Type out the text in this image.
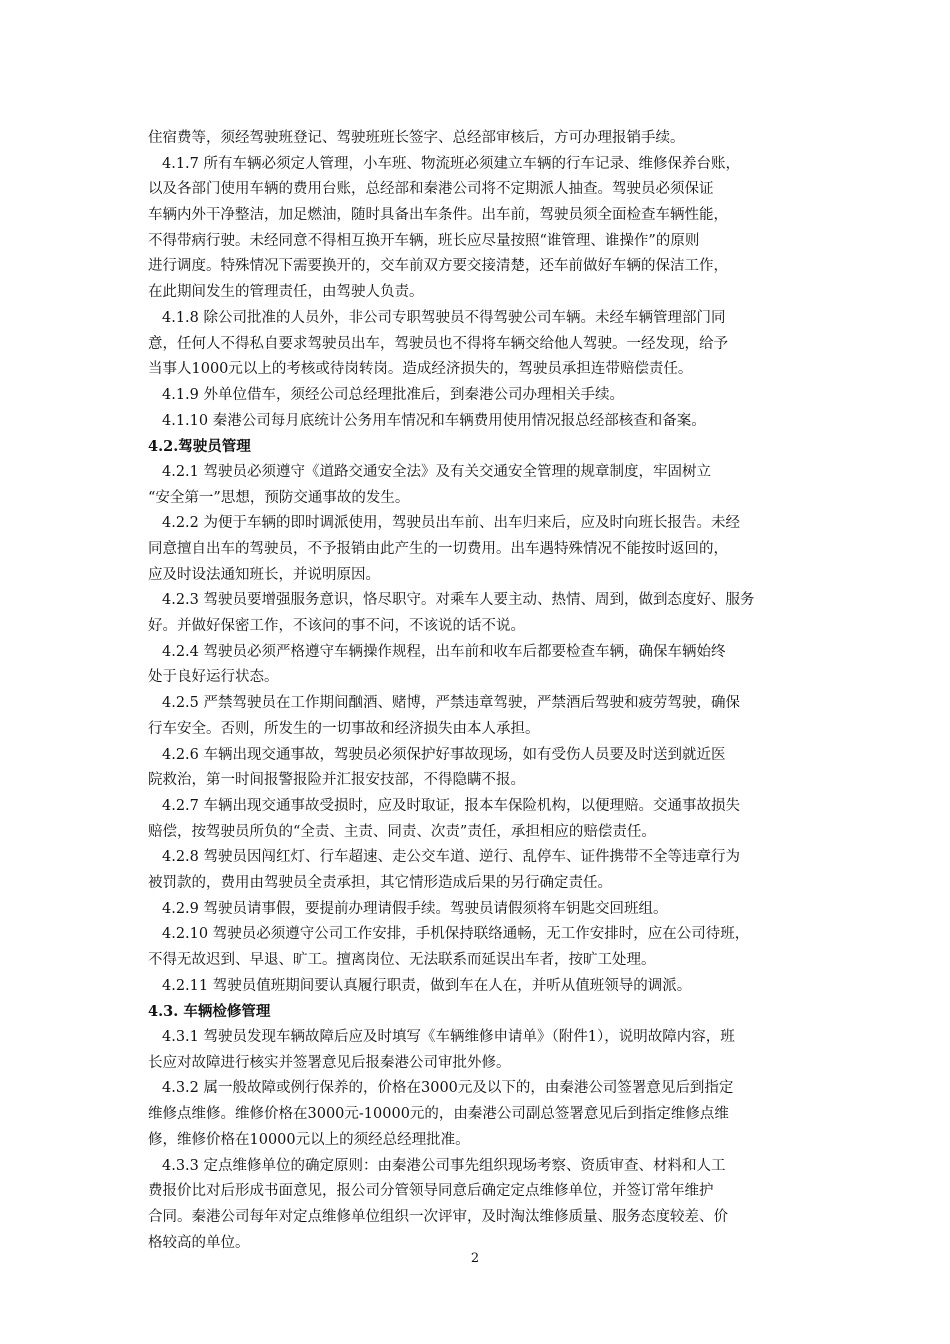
住宿费等，须经驾驶班登记、驾驶班班长签字、总经部审核后，方可办理报销手续。
4.1.7 所有车辆必须定人管理，小车班、物流班必须建立车辆的行车记录、维修保养台账，
以及各部门使用车辆的费用台账，总经部和秦港公司将不定期派人抽查。驾驶员必须保证
车辆内外干净整洁，加足燃油，随时具备出车条件。出车前，驾驶员须全面检查车辆性能，
不得带病行驶。未经同意不得相互换开车辆，班长应尽量按照“谁管理、谁操作”的原则
进行调度。特殊情况下需要换开的，交车前双方要交接清楚，还车前做好车辆的保洁工作，
在此期间发生的管理责任，由驾驶人负责。
4.1.8 除公司批准的人员外，非公司专职驾驶员不得驾驶公司车辆。未经车辆管理部门同
意，任何人不得私自要求驾驶员出车，驾驶员也不得将车辆交给他人驾驶。一经发现，给予
当事人1000元以上的考核或待岗转岗。造成经济损失的，驾驶员承担连带赔偿责任。
4.1.9 外单位借车，须经公司总经理批准后，到秦港公司办理相关手续。
4.1.10 秦港公司每月底统计公务用车情况和车辆费用使用情况报总经部核查和备案。
4.2.驾驶员管理
4.2.1 驾驶员必须遵守《道路交通安全法》及有关交通安全管理的规章制度，牢固树立
“安全第一”思想，预防交通事故的发生。
4.2.2 为便于车辆的即时调派使用，驾驶员出车前、出车归来后，应及时向班长报告。未经
同意擅自出车的驾驶员，不予报销由此产生的一切费用。出车遇特殊情况不能按时返回的，
应及时设法通知班长，并说明原因。
4.2.3 驾驶员要增强服务意识，恪尽职守。对乘车人要主动、热情、周到，做到态度好、服务
好。并做好保密工作，不该问的事不问，不该说的话不说。
4.2.4 驾驶员必须严格遵守车辆操作规程，出车前和收车后都要检查车辆，确保车辆始终
处于良好运行状态。
4.2.5 严禁驾驶员在工作期间酗酒、赌博，严禁违章驾驶，严禁酒后驾驶和疲劳驾驶，确保
行车安全。否则，所发生的一切事故和经济损失由本人承担。
4.2.6 车辆出现交通事故，驾驶员必须保护好事故现场，如有受伤人员要及时送到就近医
院救治，第一时间报警报险并汇报安技部，不得隐瞒不报。
4.2.7 车辆出现交通事故受损时，应及时取证，报本车保险机构，以便理赔。交通事故损失
赔偿，按驾驶员所负的“全责、主责、同责、次责”责任，承担相应的赔偿责任。
4.2.8 驾驶员因闯红灯、行车超速、走公交车道、逆行、乱停车、证件携带不全等违章行为
被罚款的，费用由驾驶员全责承担，其它情形造成后果的另行确定责任。
4.2.9 驾驶员请事假，要提前办理请假手续。驾驶员请假须将车钥匙交回班组。
4.2.10 驾驶员必须遵守公司工作安排，手机保持联络通畅，无工作安排时，应在公司待班，
不得无故迟到、早退、旷工。擅离岗位、无法联系而延误出车者，按旷工处理。
4.2.11 驾驶员值班期间要认真履行职责，做到车在人在，并听从值班领导的调派。
4.3. 车辆检修管理
4.3.1 驾驶员发现车辆故障后应及时填写《车辆维修申请单》（附件1），说明故障内容，班
长应对故障进行核实并签署意见后报秦港公司审批外修。
4.3.2 属一般故障或例行保养的，价格在3000元及以下的，由秦港公司签署意见后到指定
维修点维修。维修价格在3000元-10000元的，由秦港公司副总签署意见后到指定维修点维
修，维修价格在10000元以上的须经总经理批准。
4.3.3 定点维修单位的确定原则：由秦港公司事先组织现场考察、资质审查、材料和人工
费报价比对后形成书面意见，报公司分管领导同意后确定定点维修单位，并签订常年维护
合同。秦港公司每年对定点维修单位组织一次评审，及时淘汰维修质量、服务态度较差、价
格较高的单位。
2
